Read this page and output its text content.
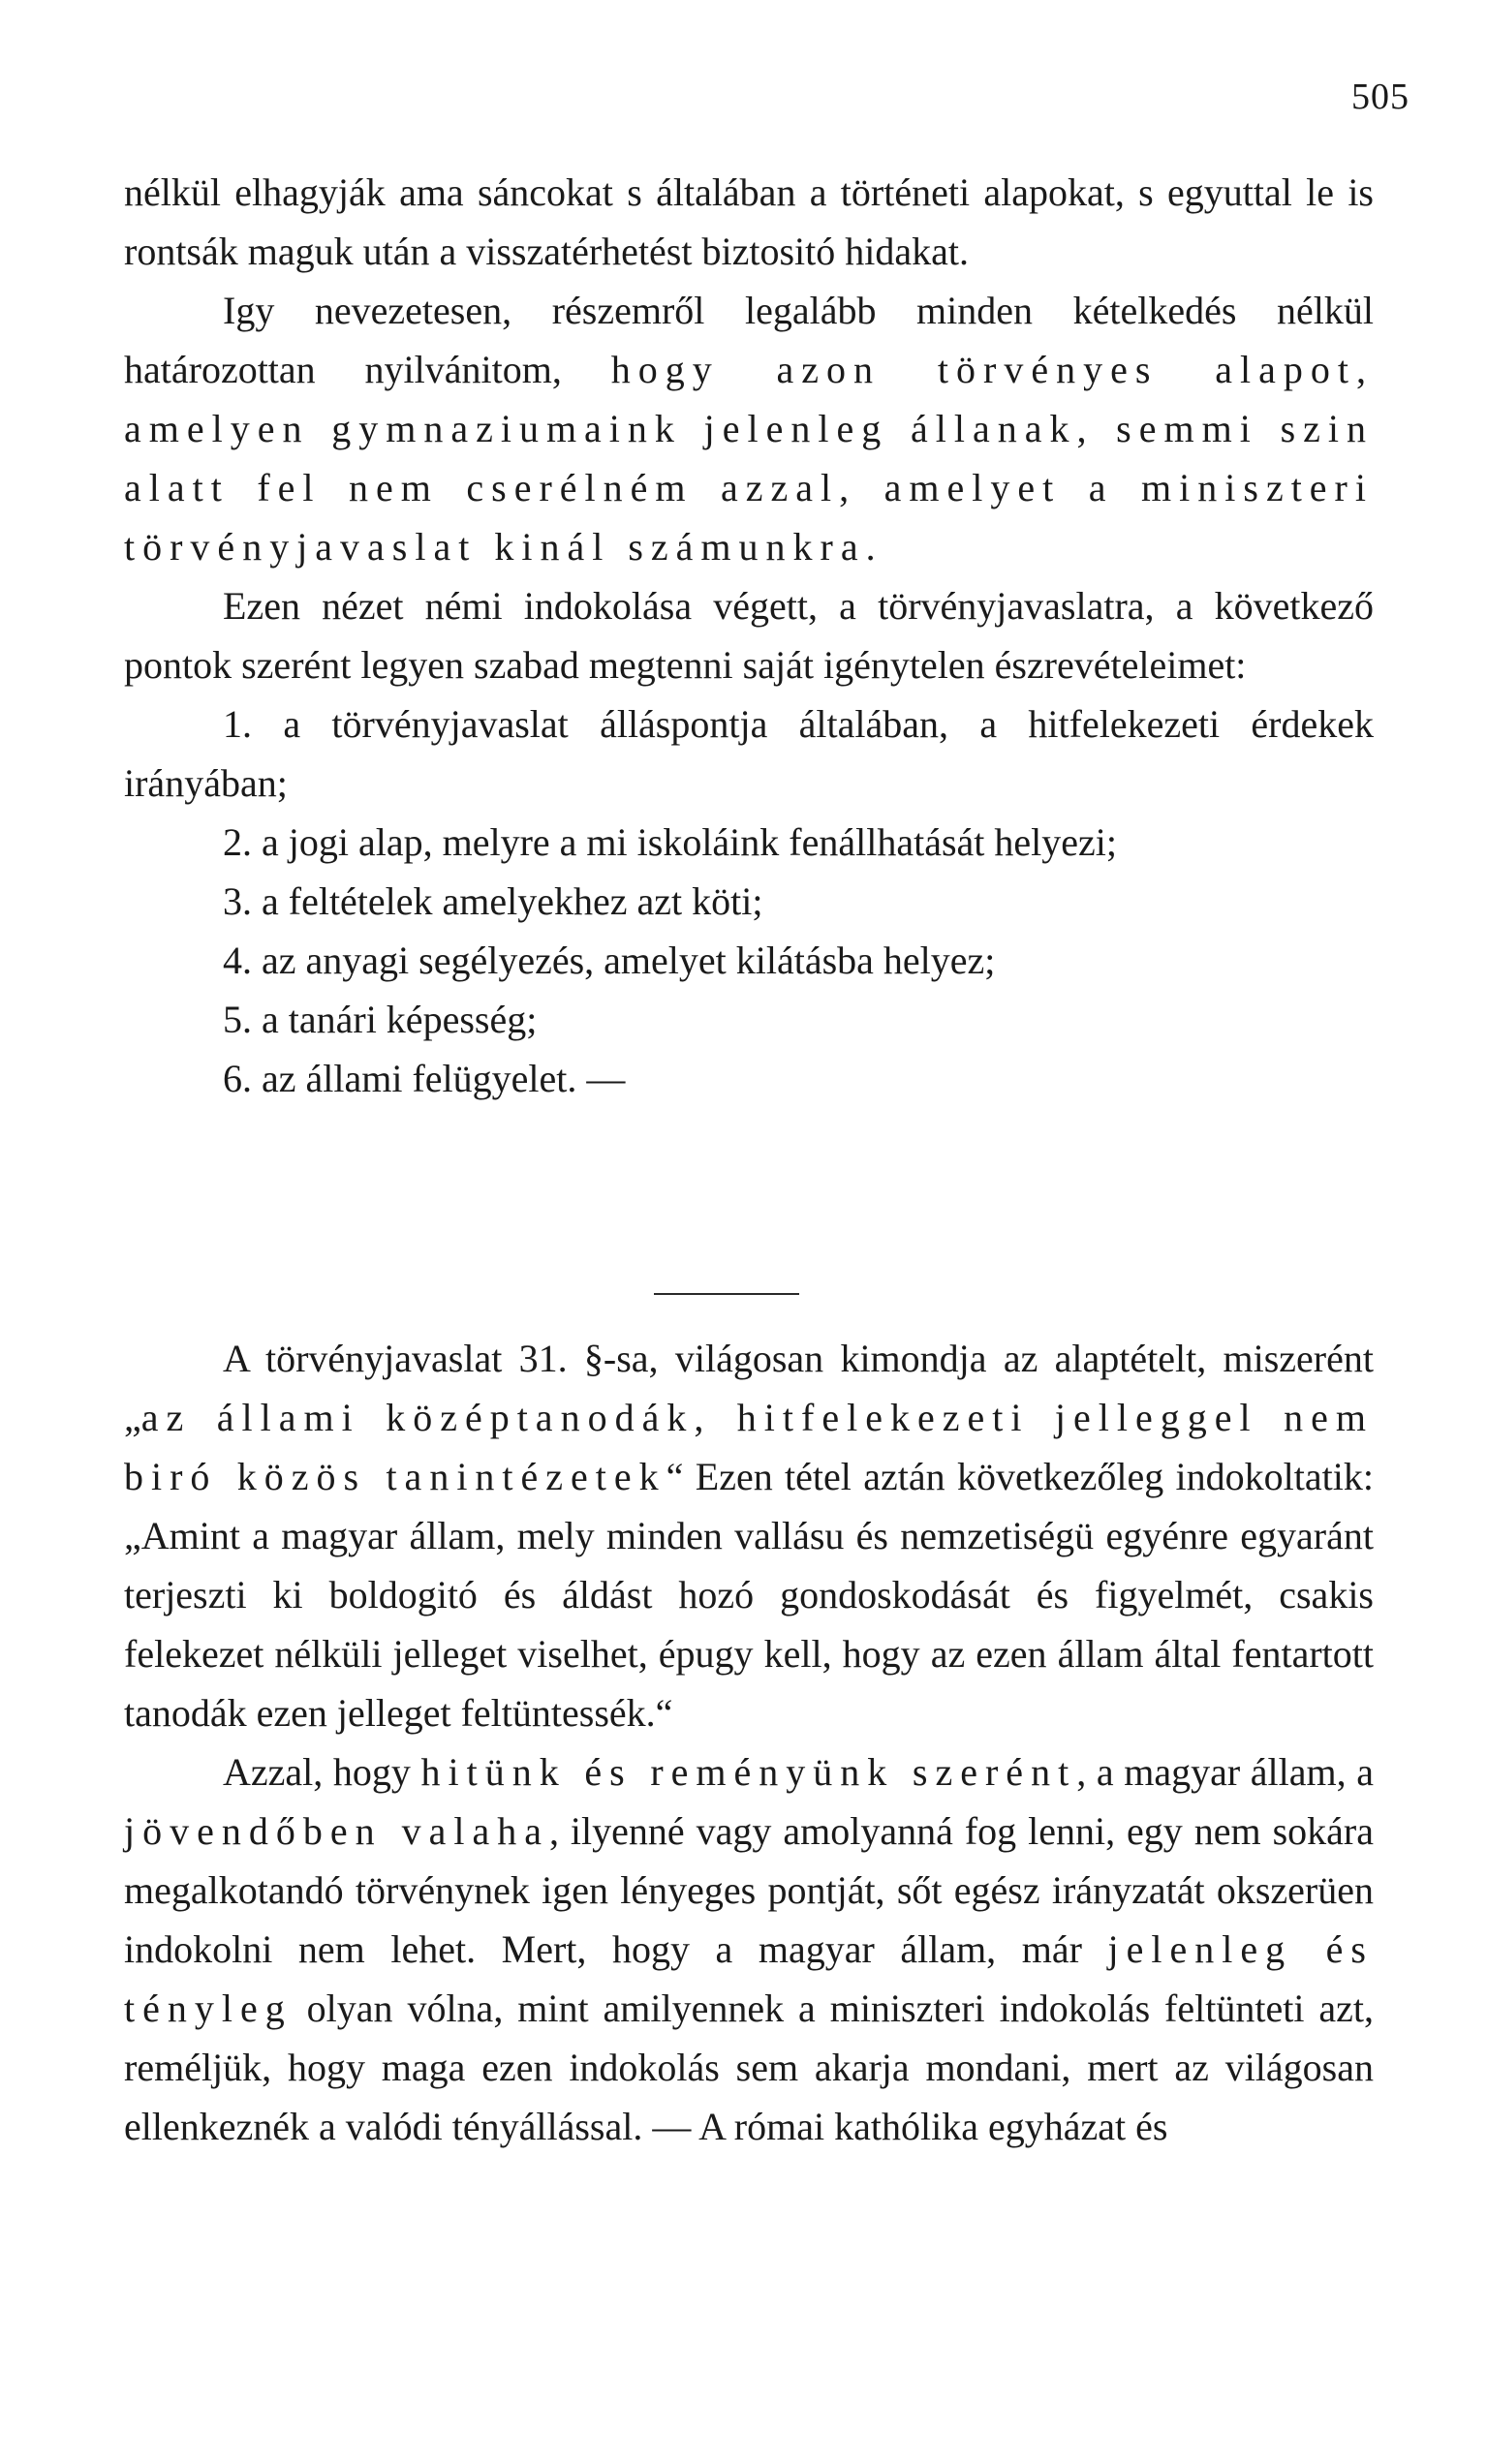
505

nélkül elhagyják ama sáncokat s általában a történeti alapokat, s egyuttal le is rontsák maguk után a visszatérhetést biztositó hidakat.

Igy nevezetesen, részemről legalább minden kételkedés nélkül határozottan nyilvánitom, hogy azon törvényes alapot, amelyen gymnaziumaink jelenleg állanak, semmi szin alatt fel nem cserélném azzal, amelyet a miniszteri törvényjavaslat kinál számunkra.

Ezen nézet némi indokolása végett, a törvényjavaslatra, a következő pontok szerént legyen szabad megtenni saját igénytelen észrevételeimet:

1. a törvényjavaslat álláspontja általában, a hitfelekezeti érdekek irányában;

2. a jogi alap, melyre a mi iskoláink fenállhatását helyezi;

3. a feltételek amelyekhez azt köti;

4. az anyagi segélyezés, amelyet kilátásba helyez;

5. a tanári képesség;

6. az állami felügyelet. —

A törvényjavaslat 31. §-sa, világosan kimondja az alaptételt, miszerént „az állami középtanodák, hitfelekezeti jelleggel nem biró közös tanintézetek“ Ezen tétel aztán következőleg indokoltatik: „Amint a magyar állam, mely minden vallásu és nemzetiségü egyénre egyaránt terjeszti ki boldogitó és áldást hozó gondoskodását és figyelmét, csakis felekezet nélküli jelleget viselhet, épugy kell, hogy az ezen állam által fentartott tanodák ezen jelleget feltüntessék.“

Azzal, hogy hitünk és reményünk szerént, a magyar állam, a jövendőben valaha, ilyenné vagy amolyanná fog lenni, egy nem sokára megalkotandó törvénynek igen lényeges pontját, sőt egész irányzatát okszerüen indokolni nem lehet. Mert, hogy a magyar állam, már jelenleg és tényleg olyan vólna, mint amilyennek a miniszteri indokolás feltünteti azt, reméljük, hogy maga ezen indokolás sem akarja mondani, mert az világosan ellenkeznék a valódi tényállással. — A római kathólika egyházat és
